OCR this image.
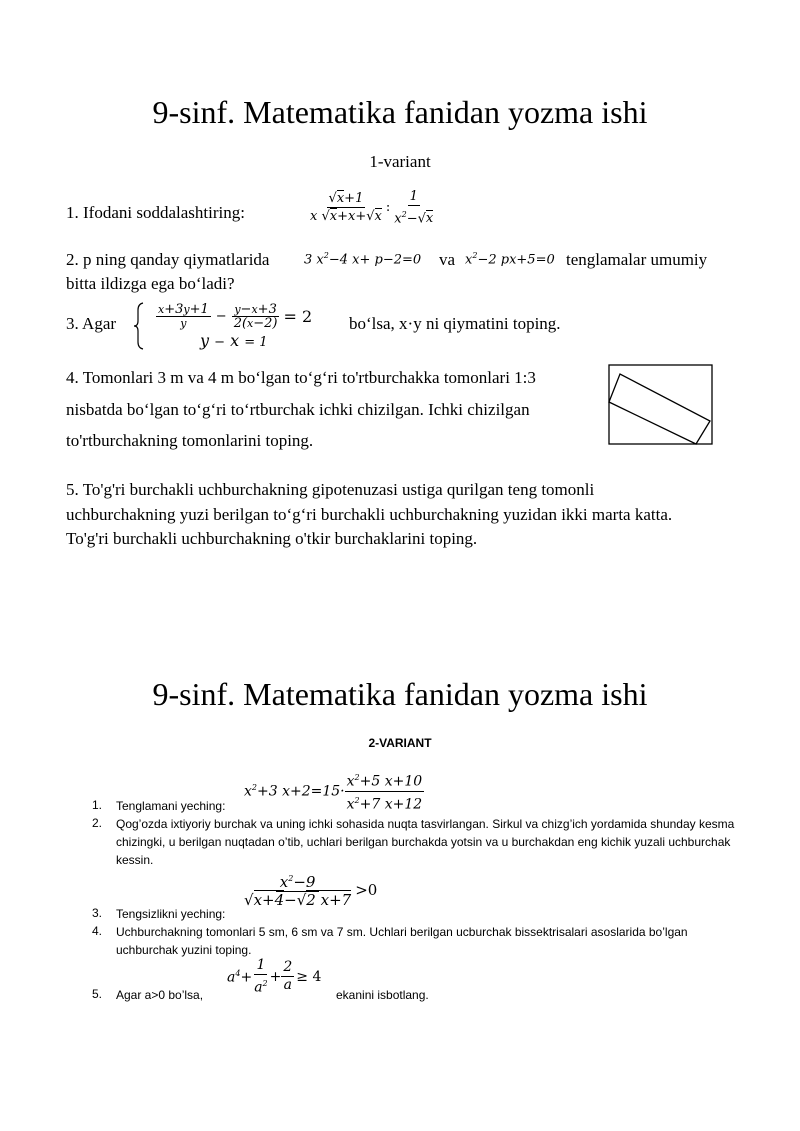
9-sinf. Matematika fanidan yozma ishi
1-variant
1. Ifodani soddalashtiring:	$\frac{√x+1}{x √x+x+√x}$ : $\frac{1}{x^2-√x}$
2. p ning qanday qiymatlarida	3 $x^2-4$ x+ p−2=0 va $x^2-2$ px+5=0 tenglamalar umumiy
bitta ildizga ega bo‘ladi?
3. Agar	$\frac{x+3y+1}{y} - \frac{y-x+3}{2(x-2)} = 2$
y − x = 1
bo‘lsa, x·y ni qiymatini toping.
4. Tomonlari 3 m va 4 m bo‘lgan to‘g‘ri to'rtburchakka tomonlari 1:3
nisbatda bo‘lgan to‘g‘ri to‘rtburchak ichki chizilgan. Ichki chizilgan
to'rtburchakning tomonlarini toping.
5. To'g'ri burchakli uchburchakning gipotenuzasi ustiga qurilgan teng tomonli
uchburchakning yuzi berilgan to‘g‘ri burchakli uchburchakning yuzidan ikki marta katta.
To'g'ri burchakli uchburchakning o'tkir burchaklarini toping.
9-sinf. Matematika fanidan yozma ishi
2-VARIANT
$x^2+3$ $x+2=15\cdot \frac{x^2+5 x+10}{x^2+7 x+12}$
1. Tenglamani yeching:
2. Qog’ozda ixtiyoriy burchak va uning ichki sohasida nuqta tasvirlangan. Sirkul va chizg’ich yordamida shunday kesma chizingki, u berilgan nuqtadan o’tib, uchlari berilgan burchakda yotsin va u burchakdan eng kichik yuzali uchburchak kessin.
$\frac{x^2-9}{√x+4-√2 x+7} >0$
3. Tengsizlikni yeching:
4. Uchburchakning tomonlari 5 sm, 6 sm va 7 sm. Uchlari berilgan ucburchak bissektrisalari asoslarida bo’lgan uchburchak yuzini toping.
$a^4+ \frac{1}{a^2} + \frac{2}{a} \ge 4$
5. Agar a>0 bo’lsa,	ekanini isbotlang.
